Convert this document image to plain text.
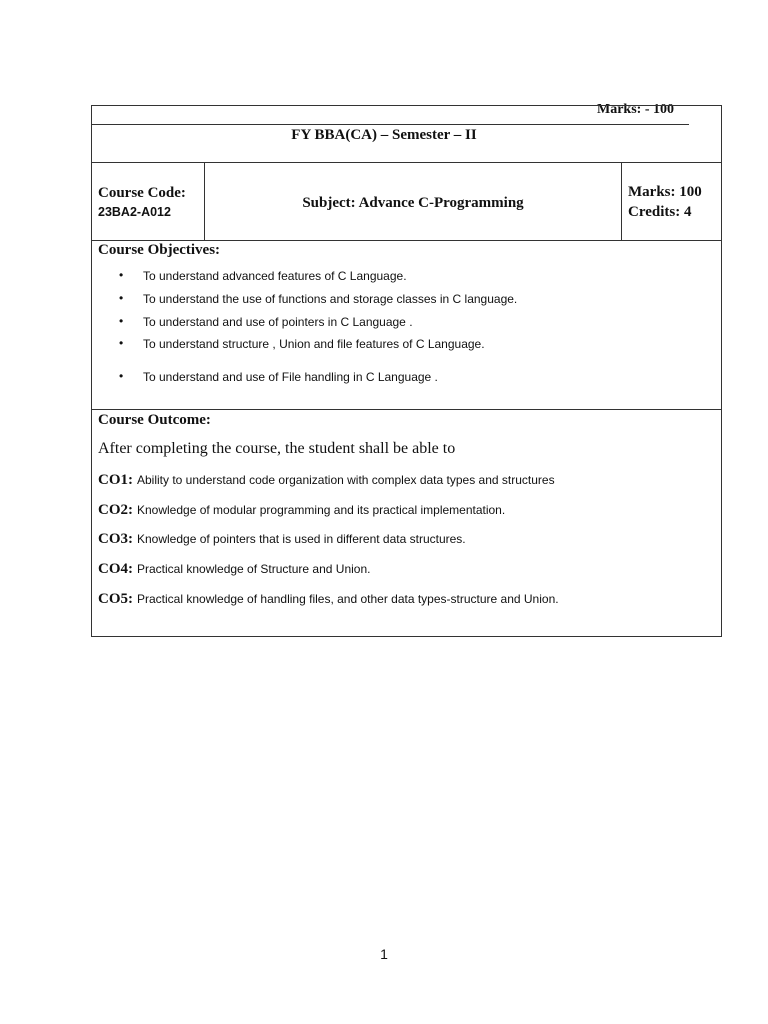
Marks: - 100
FY BBA(CA) – Semester – II
Course Code:
23BA2-A012
Subject: Advance C-Programming
Marks: 100
Credits: 4
Course Objectives:
• To understand advanced features of C Language.
• To understand the use of functions and storage classes in C language.
• To understand and use of pointers in C Language .
• To understand structure , Union and file features of C Language.
• To understand and use of File handling in C Language .
Course Outcome:
After completing the course, the student shall be able to
CO1: Ability to understand code organization with complex data types and structures
CO2: Knowledge of modular programming and its practical implementation.
CO3: Knowledge of pointers that is used in different data structures.
CO4: Practical knowledge of Structure and Union.
CO5: Practical knowledge of handling files, and other data types-structure and Union.
1
